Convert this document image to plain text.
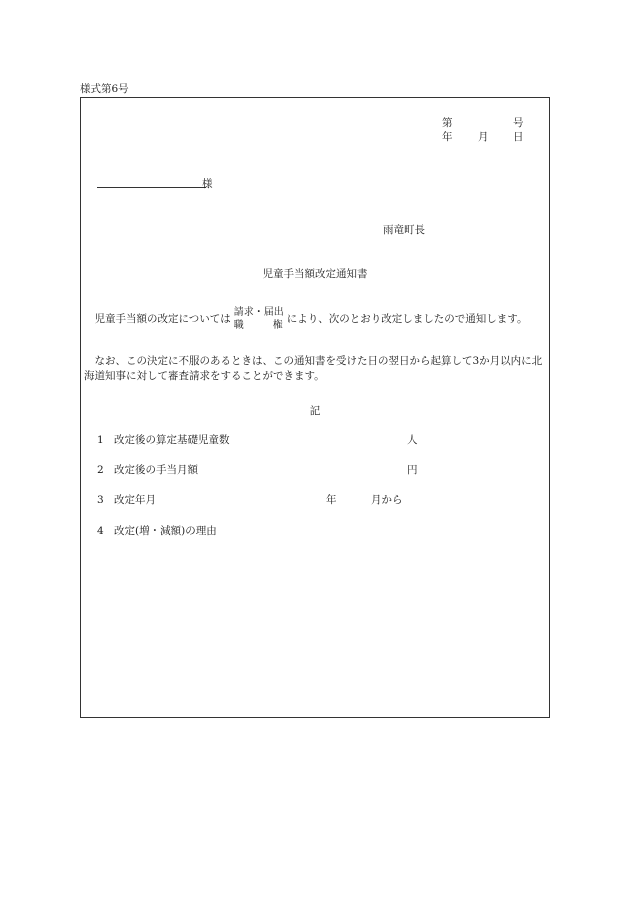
様式第6号
第	号
年 月 日
様
雨竜町長
児童手当額改定通知書
　児童手当額の改定については
請求・届出
職	権
により、次のとおり改定しましたので通知します。
　なお、この決定に不服のあるときは、この通知書を受けた日の翌日から起算して3か月以内に北海道知事に対して審査請求をすることができます。
記
1 改定後の算定基礎児童数	人
2 改定後の手当月額	円
3 改定年月	年	月から
4 改定(増・減額)の理由
